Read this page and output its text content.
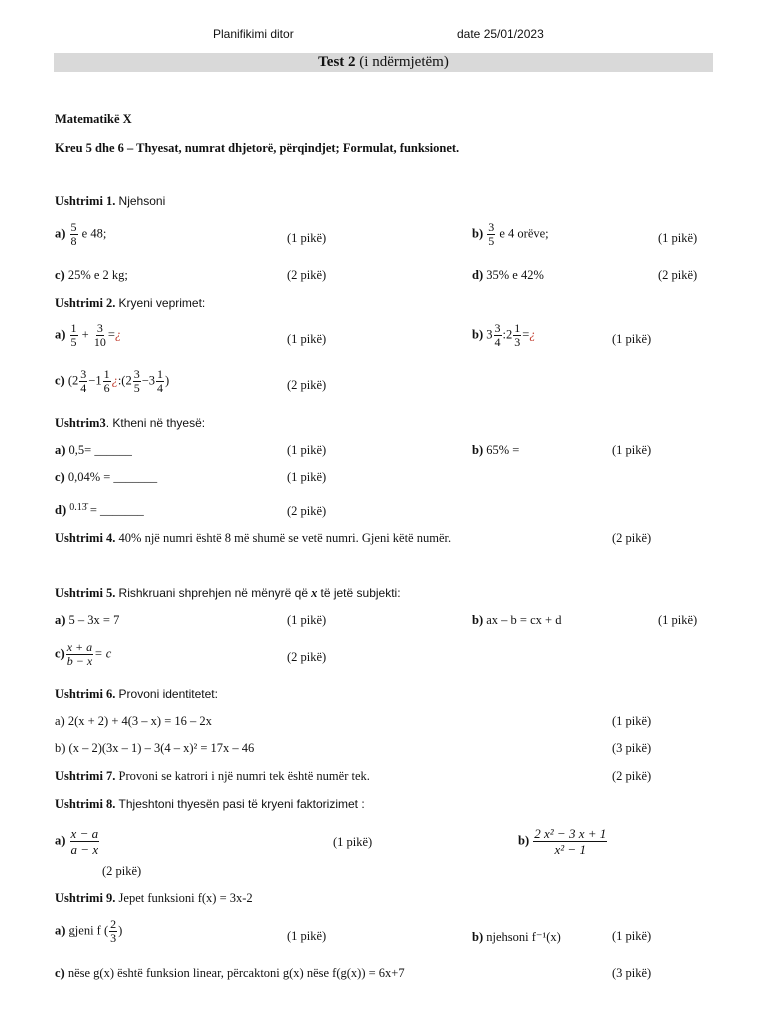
Planifikimi ditor	date 25/01/2023
Test 2 (i ndërmjetëm)
Matematikë X
Kreu 5 dhe 6 – Thyesat, numrat dhjetorë, përqindjet; Formulat, funksionet.
Ushtrimi 1. Njehsoni
$a) \frac{5}{8}$ e 48;	(1 pikë)	$b) \frac{3}{5}$ e 4 orëve;	(1 pikë)
c) 25% e 2 kg;	(2 pikë)	d) 35% e 42%	(2 pikë)
Ushtrimi 2. Kryeni veprimet:
$a) \frac{1}{5} + \frac{3}{10}$ =¿	(1 pikë)	b) $3 \frac{3}{4}$ :2 $\frac{1}{3}$ =¿	(1 pikë)
c) ($2 \frac{3}{4} -1 \frac{1}{6}$ ¿:(2 $\frac{3}{5} -3 \frac{1}{4}$ )	(2 pikë)
Ushtrim3. Ktheni në thyesë:
a) 0,5= ______	(1 pikë)	b) 65% =	(1 pikë)
c) 0,04% = _______	(1 pikë)
d) $^{0.13̄}$ = _______	(2 pikë)
Ushtrimi 4. 40% një numri është 8 më shumë se vetë numri. Gjeni këtë numër.	(2 pikë)
Ushtrimi 5. Rishkruani shprehjen në mënyrë që x të jetë subjekti:
a) 5 – 3x = 7	(1 pikë)	b) ax – b = cx + d	(1 pikë)
$c) \frac{x + a}{b - x} = c$	(2 pikë)
Ushtrimi 6. Provoni identitetet:
a) 2(x + 2) + 4(3 – x) = 16 – 2x	(1 pikë)
b) (x – 2)(3x – 1) – 3(4 – x)² = 17x – 46	(3 pikë)
Ushtrimi 7. Provoni se katrori i një numri tek është numër tek.	(2 pikë)
Ushtrimi 8. Thjeshtoni thyesën pasi të kryeni faktorizimet :
$a) \frac{x - a}{a - x}$	(1 pikë)	$b) \frac{\text{2 x² − 3 x + 1}}{\text{x² − 1}}$
(2 pikë)
Ushtrimi 9. Jepet funksioni f(x) = 3x-2
a) gjeni f ( $\frac{2}{3}$ )	(1 pikë)	b) njehsoni f⁻¹(x)	(1 pikë)
c) nëse g(x) është funksion linear, përcaktoni g(x) nëse f(g(x)) = 6x+7	(3 pikë)
